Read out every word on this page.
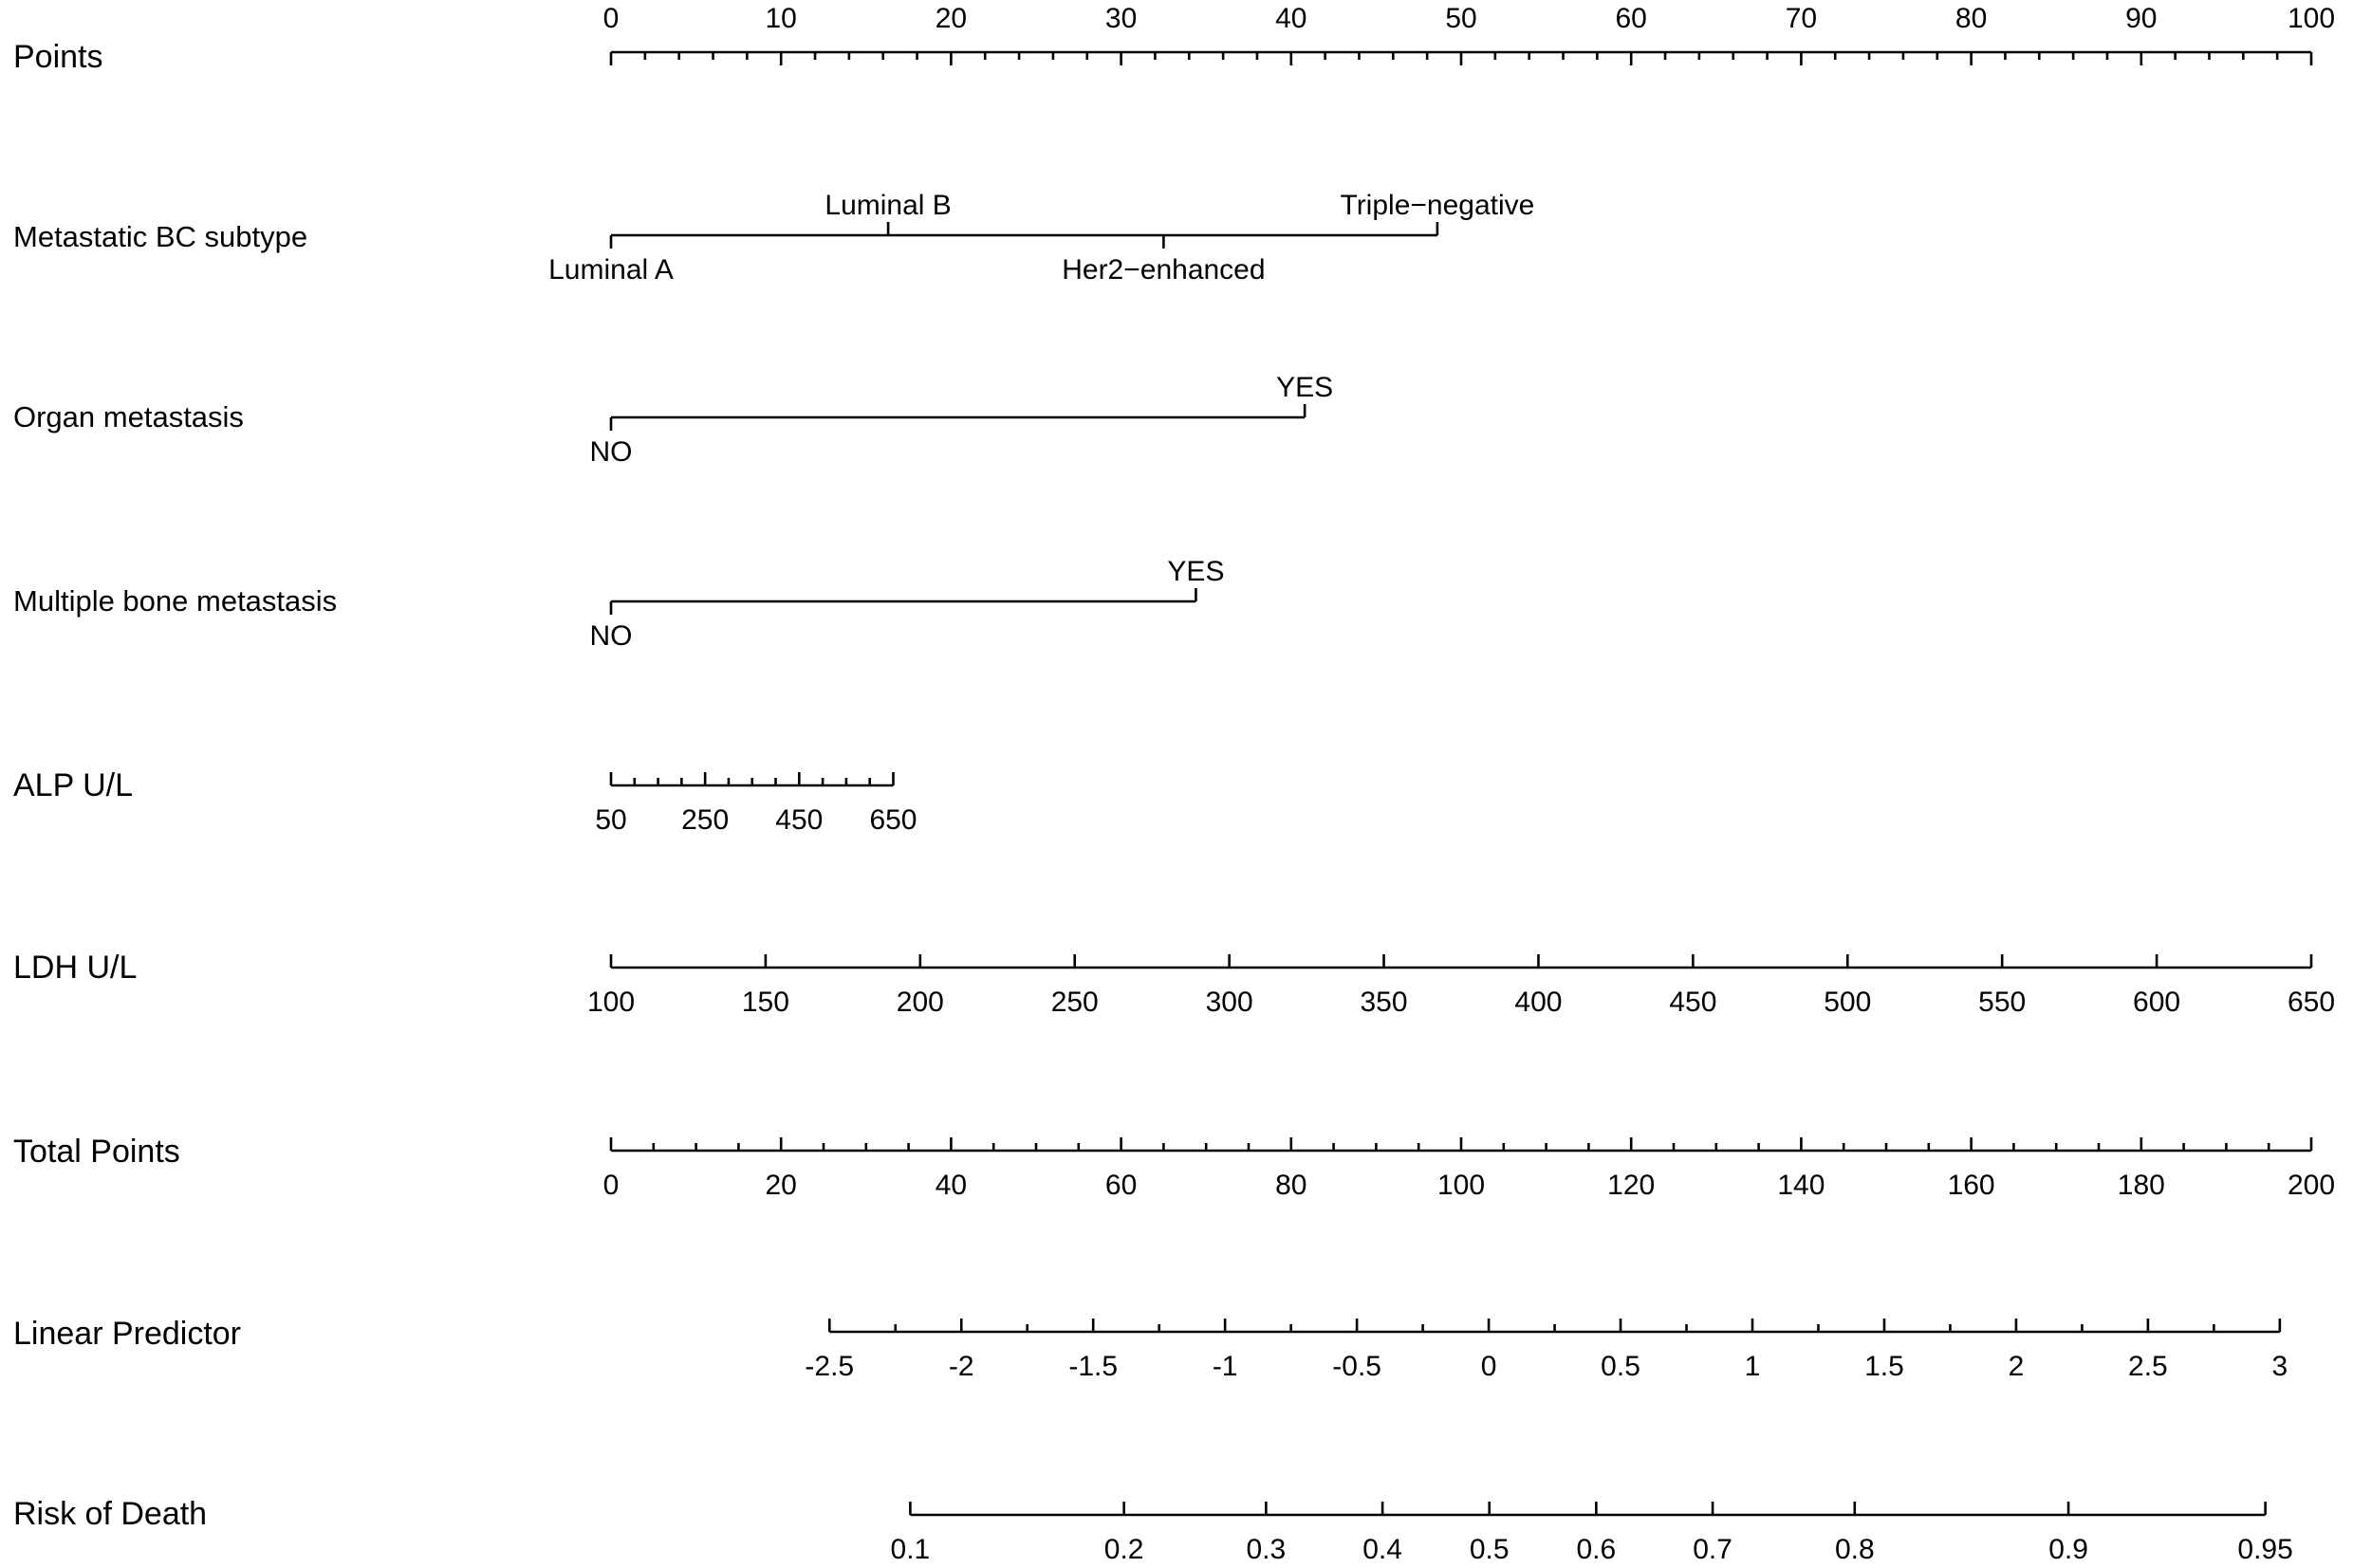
Points
0	10	20	30	40	50	60	70	80	90	100
Metastatic BC subtype
Luminal A
Luminal B
Her2−enhanced
Triple−negative
Organ metastasis
NO
YES
Multiple bone metastasis
NO
YES
ALP U/L
50 250 450 650
LDH U/L
100	150	200	250	300	350	400	450	500	550	600	650
Total Points
0	20	40	60	80	100	120	140	160	180	200
Linear Predictor
-2.5	-2	-1.5	-1	-0.5	0	0.5	1	1.5	2	2.5	3
Risk of Death
0.1	0.2	0.3	0.4 0.5 0.6	0.7	0.8	0.9	0.95
